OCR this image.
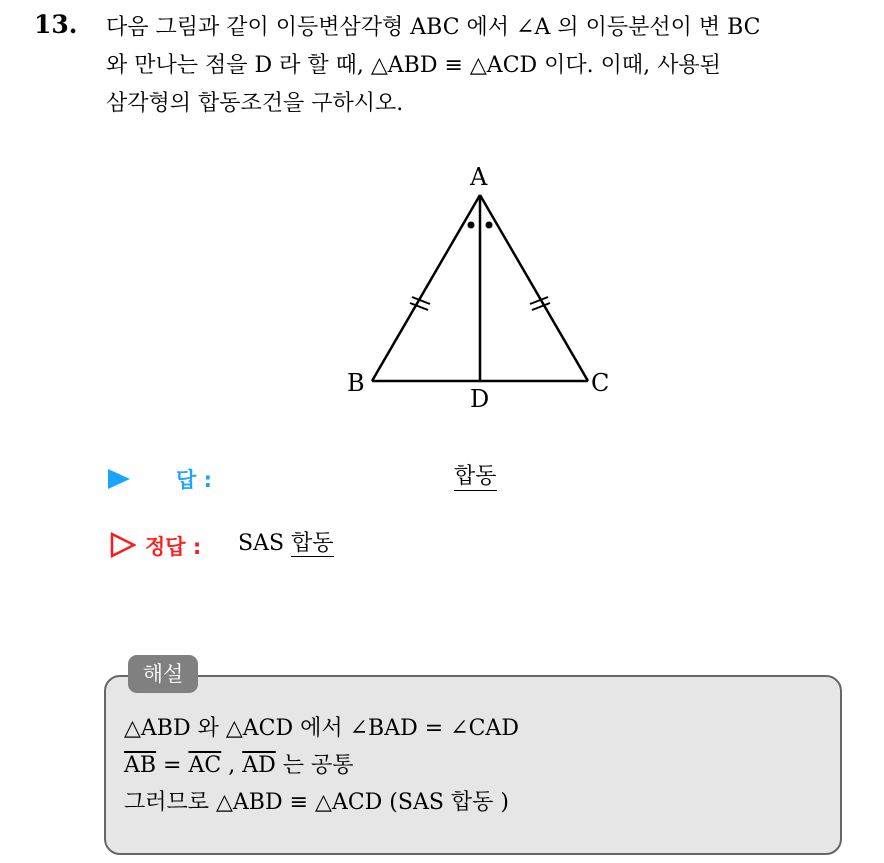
13. 다음 그림과 같이 이등변삼각형 ABC 에서 ∠A 의 이등분선이 변 BC

와 만나는 점을 D 라 할 때, △ABD ≡ △ACD 이다. 이때, 사용된

삼각형의 합동조건을 구하시오.

A
B	C
D
답 :	합동
정답 : SAS 합동
해설

△ABD 와 △ACD 에서 ∠BAD = ∠CAD

$\overline{AB} = \overline{AC}$ , $\overline{AD}$ 는 공통

그러므로 △ABD ≡ △ACD (SAS 합동 )
